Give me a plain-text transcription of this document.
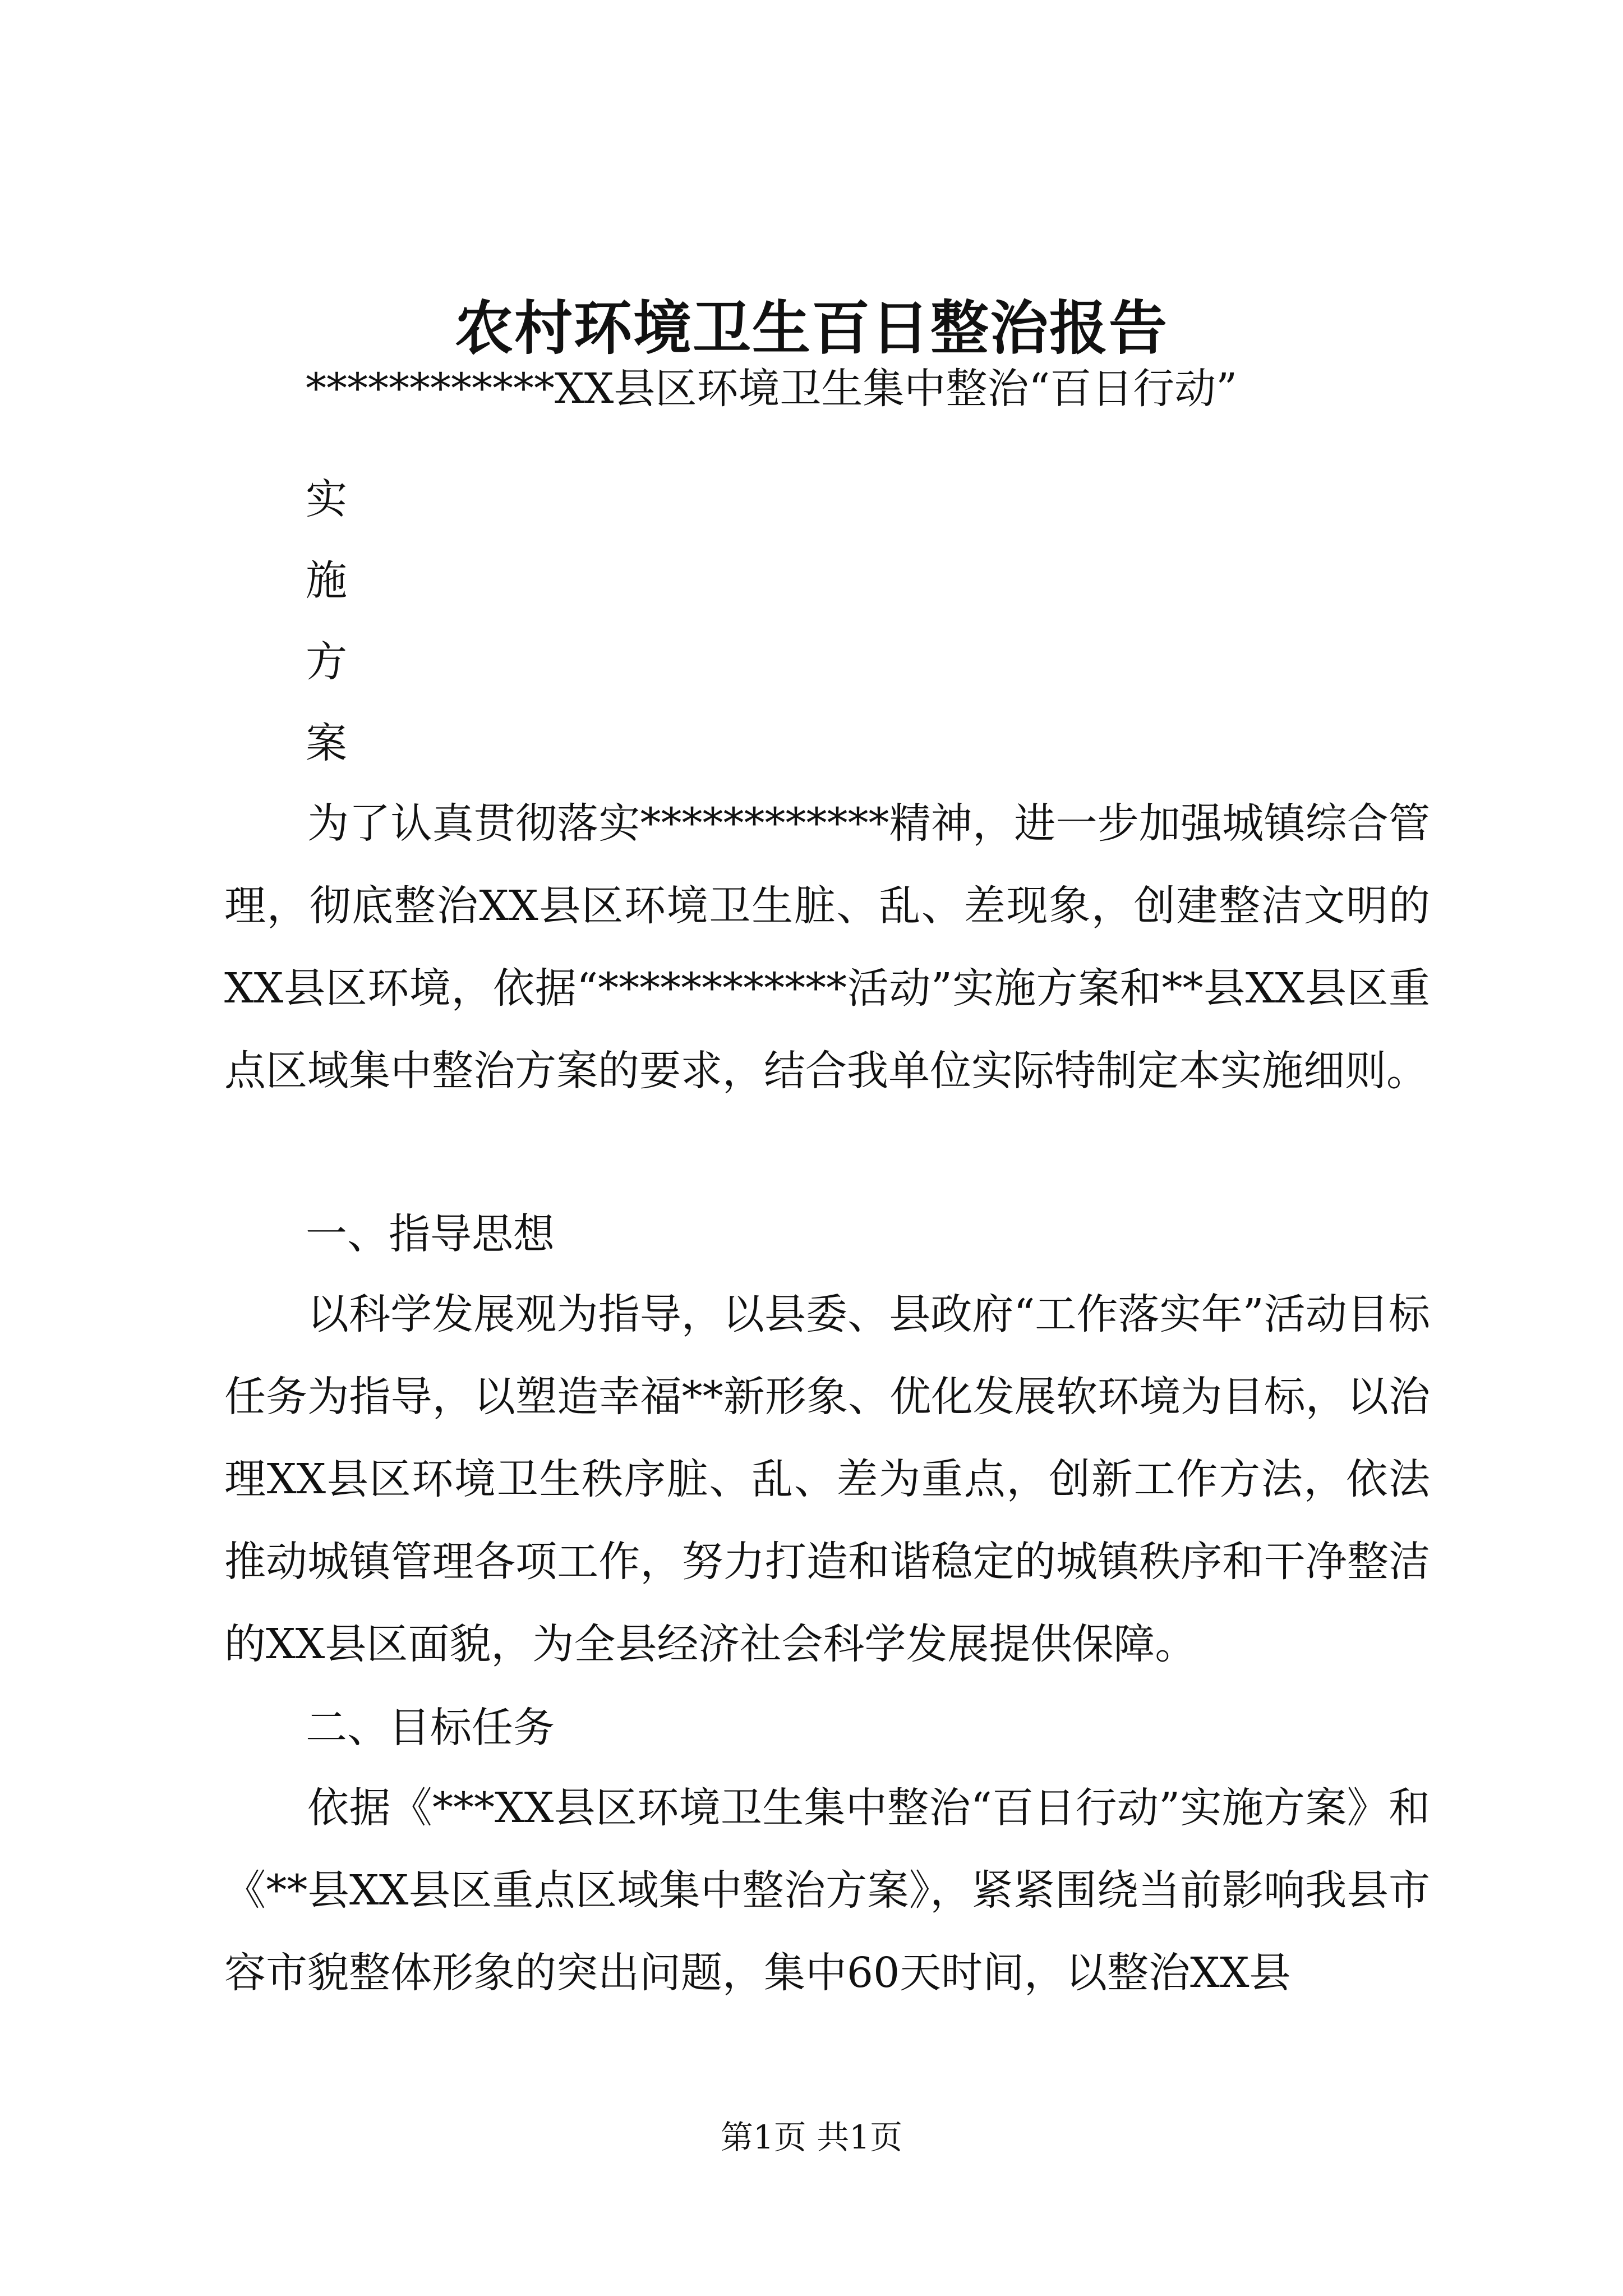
农村环境卫生百日整治报告
************XX县区环境卫生集中整治“百日行动”
实
施
方
案

为了认真贯彻落实************精神，进一步加强城镇综合管理，彻底整治XX县区环境卫生脏、乱、差现象，创建整洁文明的XX县区环境，依据“************活动”实施方案和**县XX县区重点区域集中整治方案的要求，结合我单位实际特制定本实施细则。

一、指导思想

以科学发展观为指导，以县委、县政府“工作落实年”活动目标任务为指导，以塑造幸福**新形象、优化发展软环境为目标，以治理XX县区环境卫生秩序脏、乱、差为重点，创新工作方法，依法推动城镇管理各项工作，努力打造和谐稳定的城镇秩序和干净整洁的XX县区面貌，为全县经济社会科学发展提供保障。

二、目标任务

依据《***XX县区环境卫生集中整治“百日行动”实施方案》和《**县XX县区重点区域集中整治方案》，紧紧围绕当前影响我县市容市貌整体形象的突出问题，集中60天时间，以整治XX县

第1页 共1页
